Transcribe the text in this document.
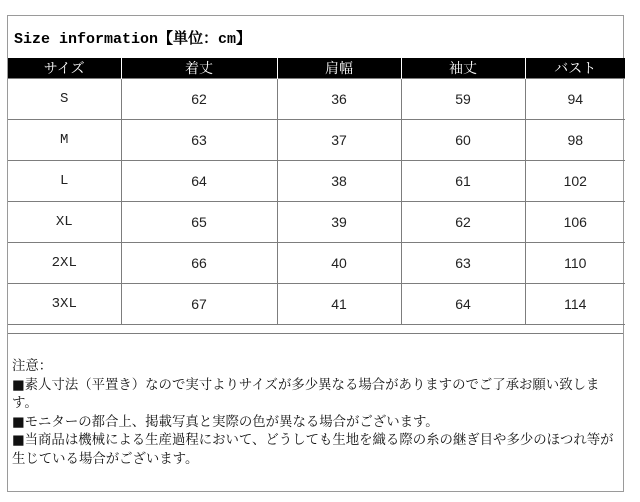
Size information【単位：cm】
サイズ	着丈	肩幅	袖丈	バスト
S	62	36	59	94
M	63	37	60	98
L	64	38	61	102
XL	65	39	62	106
2XL	66	40	63	110
3XL	67	41	64	114

注意：

■素人寸法（平置き）なので実寸よりサイズが多少異なる場合がありますのでご了承お願い致します。

■モニターの都合上、掲載写真と実際の色が異なる場合がございます。

■当商品は機械による生産過程において、どうしても生地を織る際の糸の継ぎ目や多少のほつれ等が生じている場合がございます。
